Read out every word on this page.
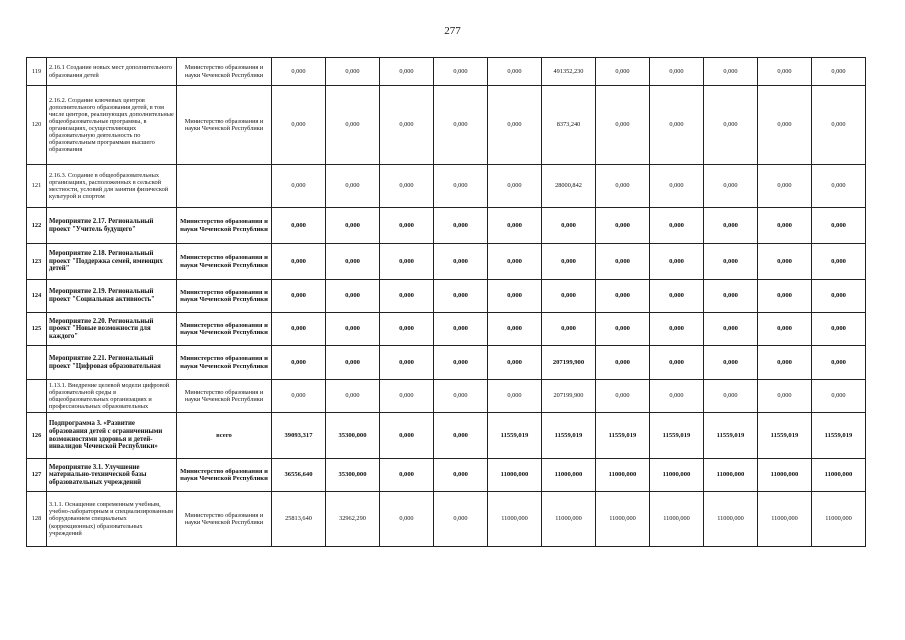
277
119	2.16.1 Создание новых мест дополнительного образования детей	Министерство образования и науки Чеченской Республики	0,000	0,000	0,000	0,000	0,000	491352,230	0,000	0,000	0,000	0,000	0,000
120	2.16.2. Создание ключевых центров дополнительного образования детей, в том числе центров, реализующих дополнительные общеобразовательные программы, в организациях, осуществляющих образовательную деятельность по образовательным программам высшего образования	Министерство образования и науки Чеченской Республики	0,000	0,000	0,000	0,000	0,000	8373,240	0,000	0,000	0,000	0,000	0,000
121	2.16.3. Создание в общеобразовательных организациях, расположенных в сельской местности, условий для занятия физической культурой и спортом		0,000	0,000	0,000	0,000	0,000	28000,842	0,000	0,000	0,000	0,000	0,000
122	Мероприятие 2.17. Региональный проект "Учитель будущего"	Министерство образования и науки Чеченской Республики	0,000	0,000	0,000	0,000	0,000	0,000	0,000	0,000	0,000	0,000	0,000
123	Мероприятие 2.18. Региональный проект "Поддержка семей, имеющих детей"	Министерство образования и науки Чеченской Республики	0,000	0,000	0,000	0,000	0,000	0,000	0,000	0,000	0,000	0,000	0,000
124	Мероприятие 2.19. Региональный проект "Социальная активность"	Министерство образования и науки Чеченской Республики	0,000	0,000	0,000	0,000	0,000	0,000	0,000	0,000	0,000	0,000	0,000
125	Мероприятие 2.20. Региональный проект "Новые возможности для каждого"	Министерство образования и науки Чеченской Республики	0,000	0,000	0,000	0,000	0,000	0,000	0,000	0,000	0,000	0,000	0,000
	Мероприятие 2.21. Региональный проект "Цифровая образовательная	Министерство образования и науки Чеченской Республики	0,000	0,000	0,000	0,000	0,000	207199,900	0,000	0,000	0,000	0,000	0,000
	1.13.1. Внедрение целевой модели цифровой образовательной среды в общеобразовательных организациях и профессиональных образовательных	Министерство образования и науки Чеченской Республики	0,000	0,000	0,000	0,000	0,000	207199,900	0,000	0,000	0,000	0,000	0,000
126	Подпрограмма 3. «Развитие образования детей с ограниченными возможностями здоровья и детей-инвалидов Чеченской Республики»	всего	39093,317	35300,000	0,000	0,000	11559,019	11559,019	11559,019	11559,019	11559,019	11559,019	11559,019
127	Мероприятие 3.1. Улучшение материально-технической базы образовательных учреждений	Министерство образования и науки Чеченской Республики	36556,640	35300,000	0,000	0,000	11000,000	11000,000	11000,000	11000,000	11000,000	11000,000	11000,000
128	3.1.1. Оснащение современным учебным, учебно-лабораторным и специализированным оборудованием специальных (коррекционных) образовательных учреждений	Министерство образования и науки Чеченской Республики	25813,640	32962,290	0,000	0,000	11000,000	11000,000	11000,000	11000,000	11000,000	11000,000	11000,000
